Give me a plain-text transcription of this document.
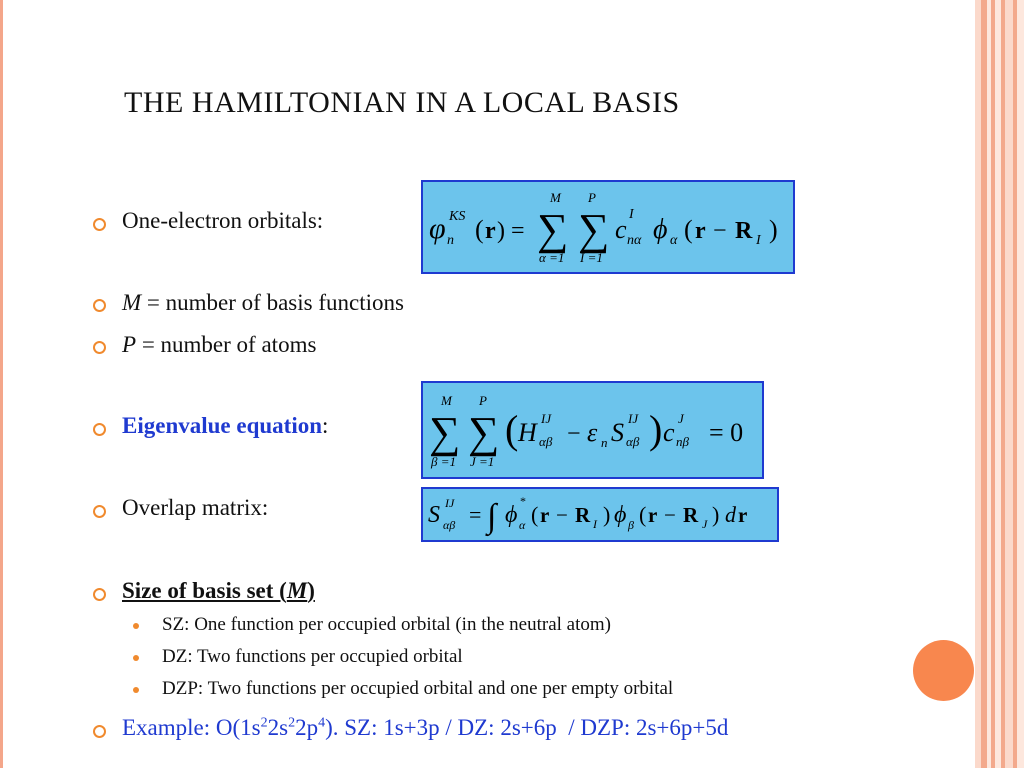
THE HAMILTONIAN IN A LOCAL BASIS
One-electron orbitals:	φ KS
n ( r ) =
M
∑
α =1
P
∑
I =1
c
I
nα ϕ α ( r − R I )
M = number of basis functions
P = number of atoms
Eigenvalue equation:
M
∑
β =1
P
∑
J =1
( H IJ
αβ − ε n S IJ
αβ ) c J
nβ = 0
Overlap matrix:	S IJ
αβ = ∫ ϕ
*
α ( r − R I ) ϕ β ( r − R J ) d r
Size of basis set (M)
SZ: One function per occupied orbital (in the neutral atom)
DZ: Two functions per occupied orbital
DZP: Two functions per occupied orbital and one per empty orbital
Example: $O(1s^22s^22p^4)$. SZ: 1s+3p / DZ: 2s+6p  / DZP: 2s+6p+5d
